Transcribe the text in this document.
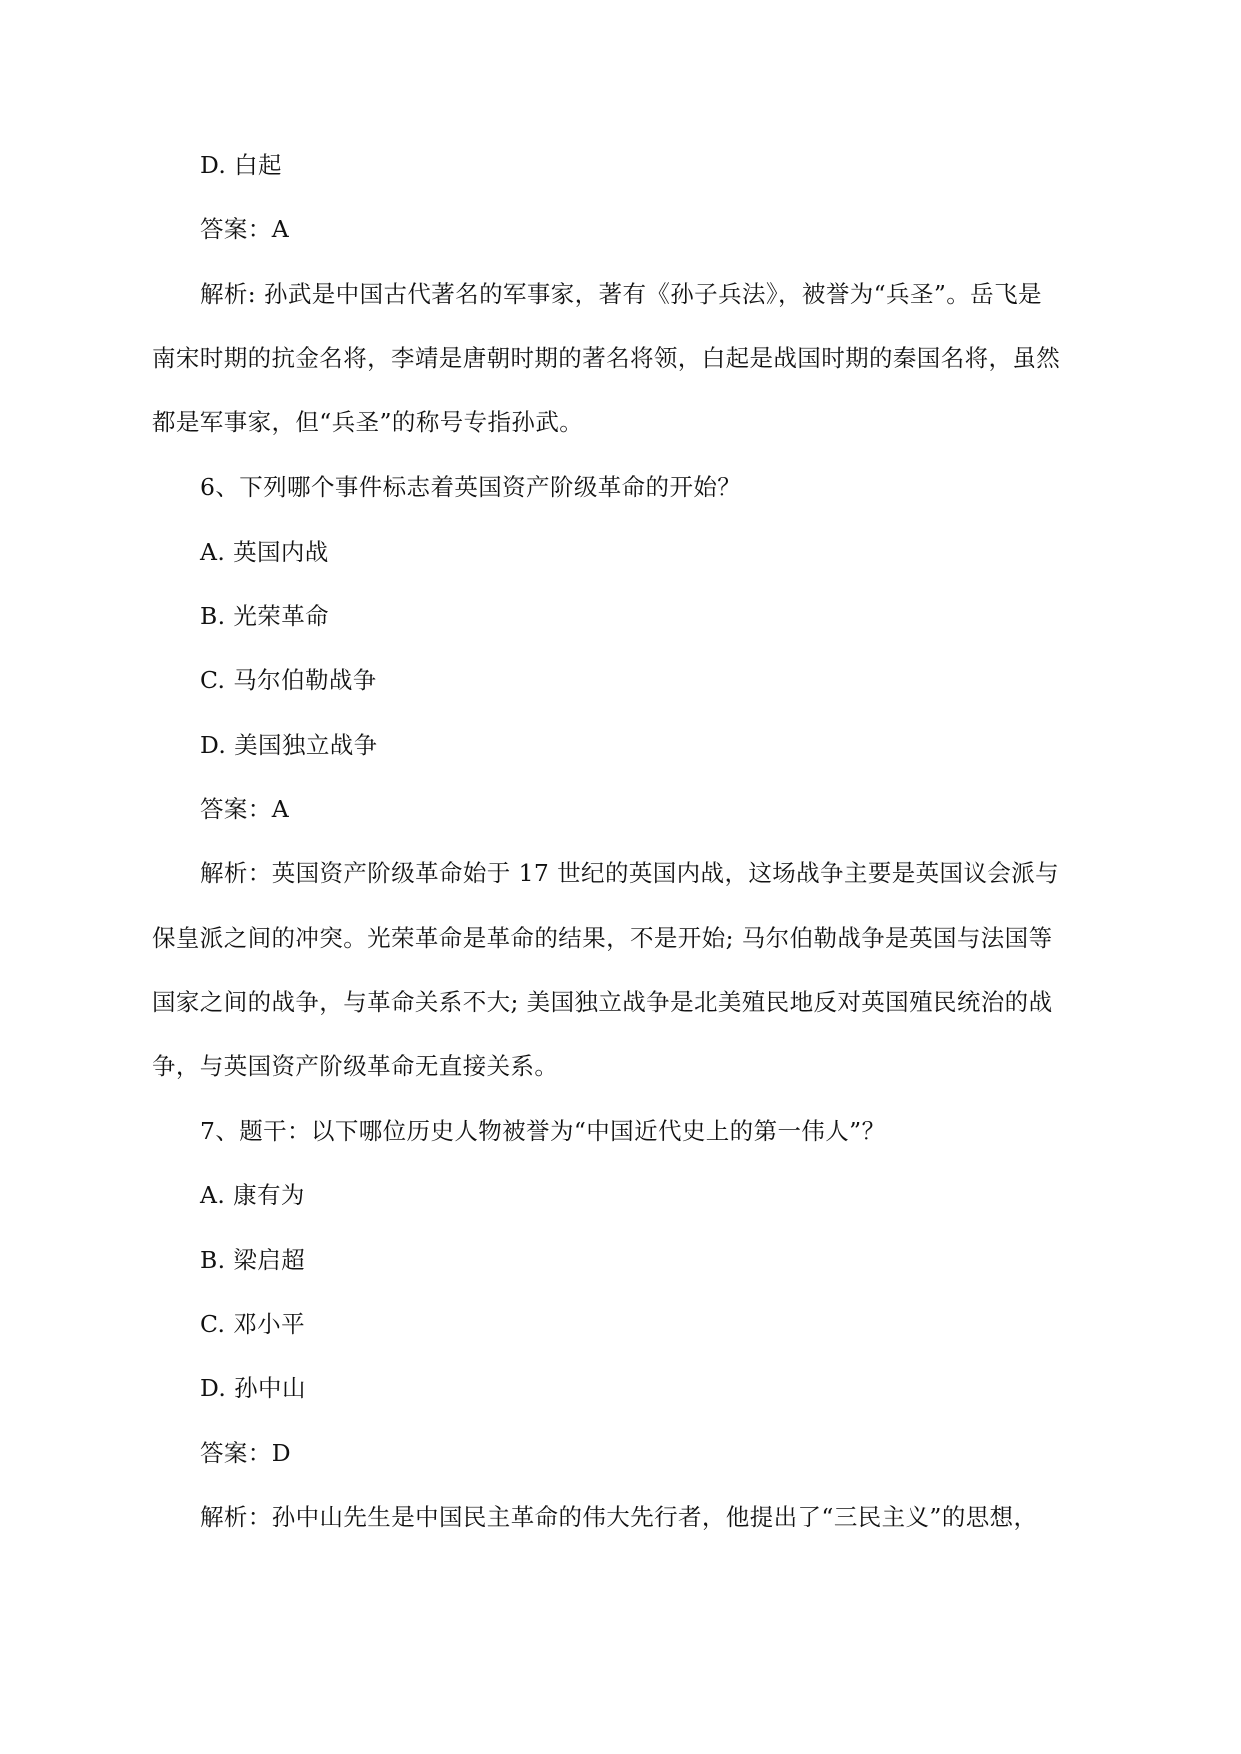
D. 白起
答案：A
解析: 孙武是中国古代著名的军事家，著有《孙子兵法》，被誉为“兵圣”。岳飞是
南宋时期的抗金名将，李靖是唐朝时期的著名将领，白起是战国时期的秦国名将，虽然
都是军事家，但“兵圣”的称号专指孙武。
6、下列哪个事件标志着英国资产阶级革命的开始？
A. 英国内战
B. 光荣革命
C. 马尔伯勒战争
D. 美国独立战争
答案：A
解析：英国资产阶级革命始于 17 世纪的英国内战，这场战争主要是英国议会派与
保皇派之间的冲突。光荣革命是革命的结果，不是开始; 马尔伯勒战争是英国与法国等
国家之间的战争，与革命关系不大; 美国独立战争是北美殖民地反对英国殖民统治的战
争，与英国资产阶级革命无直接关系。
7、题干：以下哪位历史人物被誉为“中国近代史上的第一伟人”？
A. 康有为
B. 梁启超
C. 邓小平
D. 孙中山
答案：D
解析：孙中山先生是中国民主革命的伟大先行者，他提出了“三民主义”的思想，
